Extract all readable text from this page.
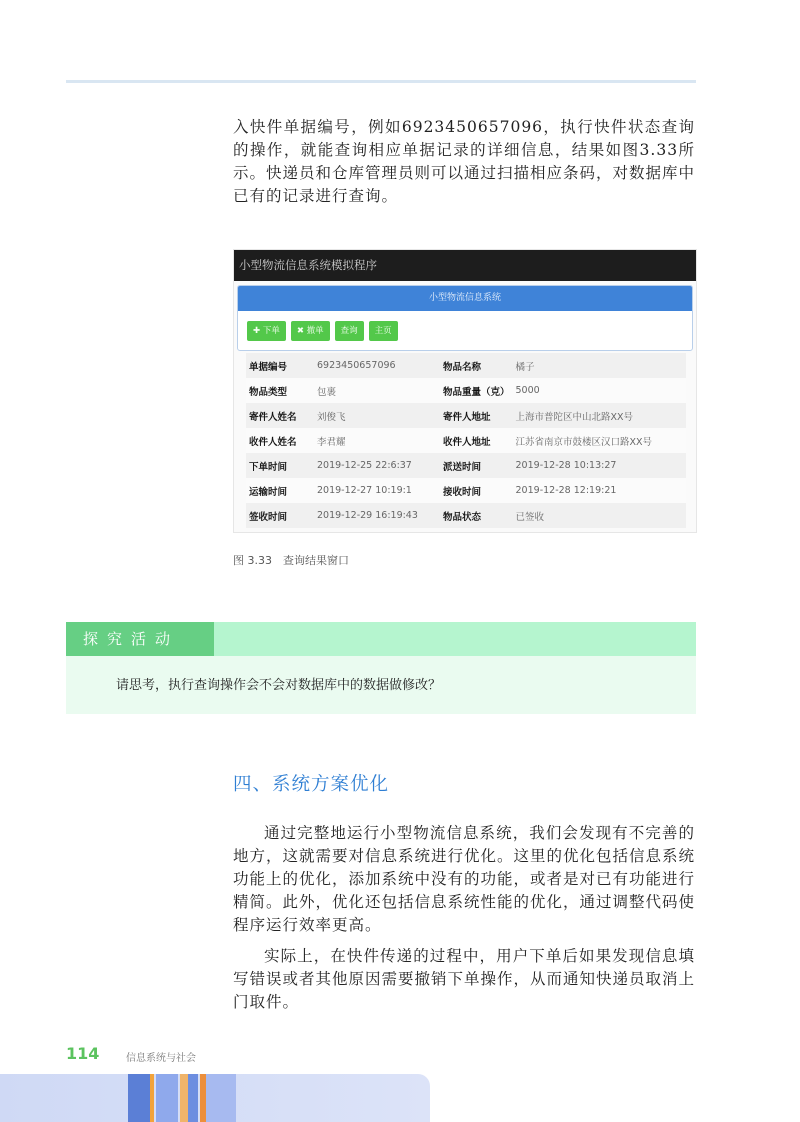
入快件单据编号，例如6923450657096，执行快件状态查询的操作，就能查询相应单据记录的详细信息，结果如图3.33所示。快递员和仓库管理员则可以通过扫描相应条码，对数据库中已有的记录进行查询。

小型物流信息系统模拟程序
小型物流信息系统
✚ 下单	✖ 撤单	查询	主页
单据编号	6923450657096	物品名称	橘子
物品类型	包裹	物品重量（克）	5000
寄件人姓名	刘俊飞	寄件人地址	上海市普陀区中山北路XX号
收件人姓名	李君耀	收件人地址	江苏省南京市鼓楼区汉口路XX号
下单时间	2019-12-25 22:6:37	派送时间	2019-12-28 10:13:27
运输时间	2019-12-27 10:19:1	接收时间	2019-12-28 12:19:21
签收时间	2019-12-29 16:19:43	物品状态	已签收
图 3.33　查询结果窗口
探究活动
请思考，执行查询操作会不会对数据库中的数据做修改？
四、系统方案优化

通过完整地运行小型物流信息系统，我们会发现有不完善的地方，这就需要对信息系统进行优化。这里的优化包括信息系统功能上的优化，添加系统中没有的功能，或者是对已有功能进行精简。此外，优化还包括信息系统性能的优化，通过调整代码使程序运行效率更高。

实际上，在快件传递的过程中，用户下单后如果发现信息填写错误或者其他原因需要撤销下单操作，从而通知快递员取消上门取件。

114	信息系统与社会
